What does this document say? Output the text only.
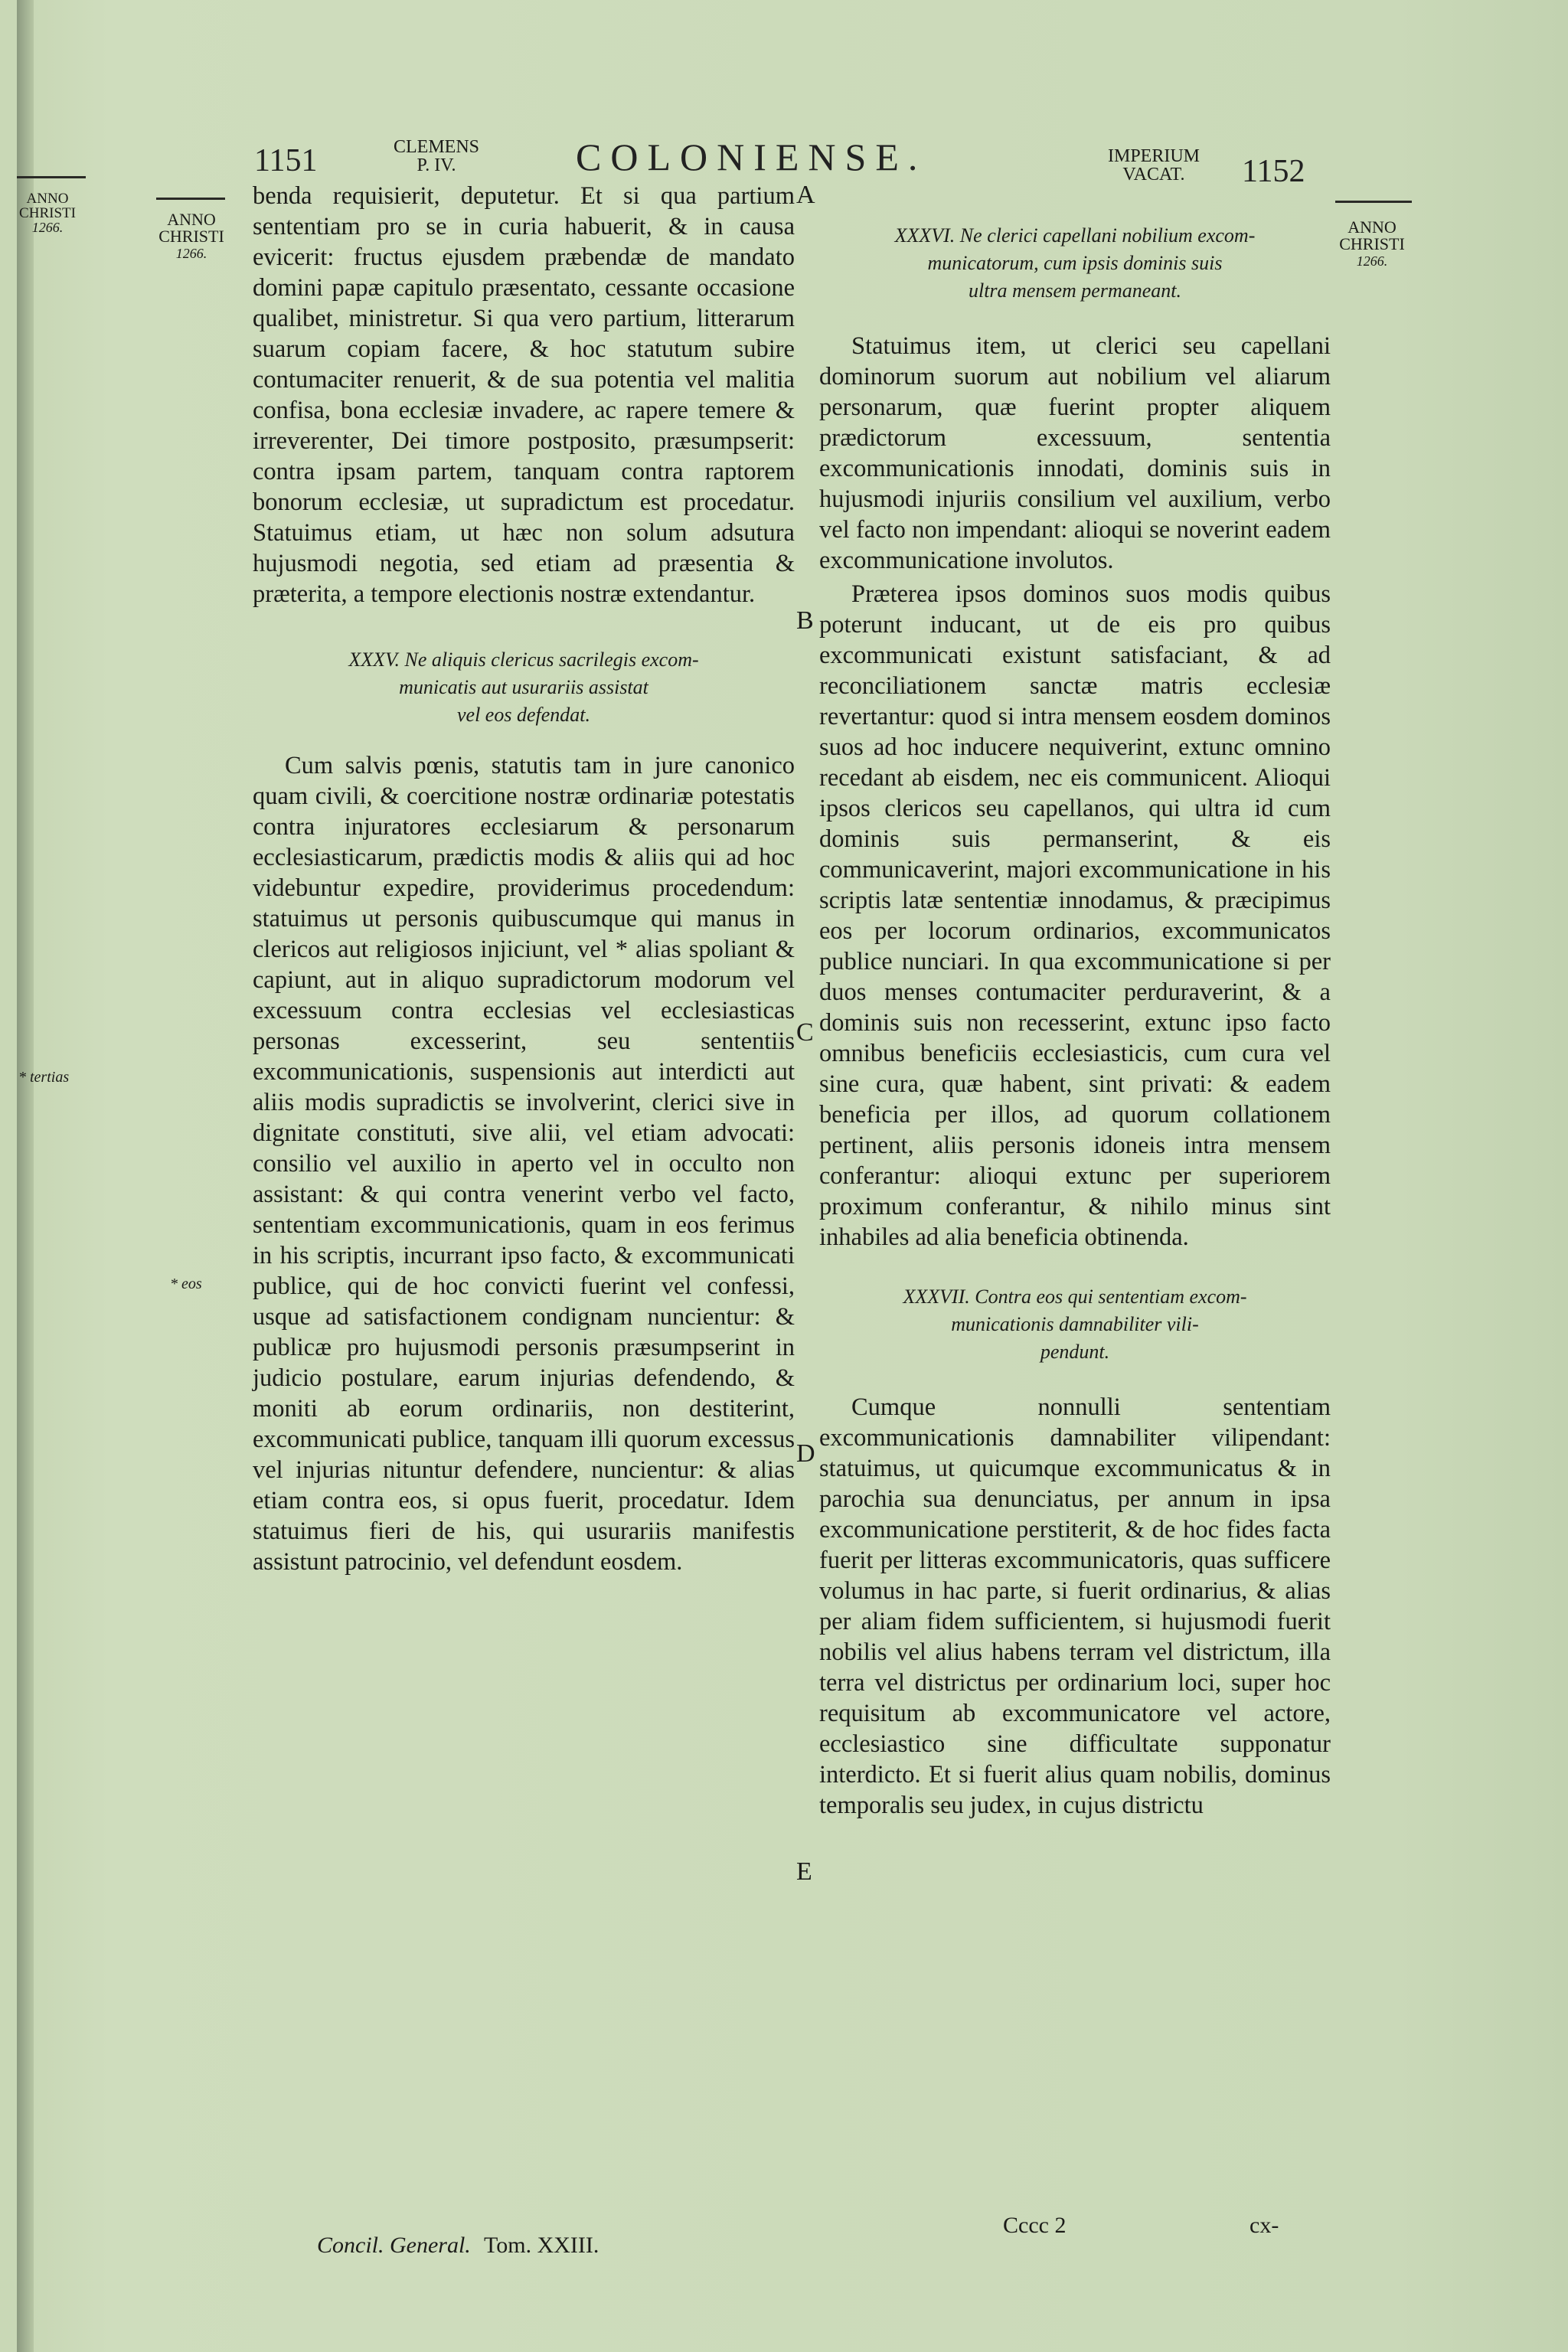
ANNO
CHRISTI
1266.
* tertias
1151	CLEMENS
P. IV.	COLONIENSE.	IMPERIUM
VACAT.	1152
ANNO
CHRISTI
1266.
ANNO
CHRISTI
1266.

benda requisierit, deputetur. Et si qua partium sententiam pro se in curia habuerit, & in causa evicerit: fructus ejusdem præbendæ de mandato domini papæ capitulo præsentato, cessante occasione qualibet, ministretur. Si qua vero partium, litterarum suarum copiam facere, & hoc statutum subire contumaciter renuerit, & de sua potentia vel malitia confisa, bona ecclesiæ invadere, ac rapere temere & irreverenter, Dei timore postposito, præsumpserit: contra ipsam partem, tanquam contra raptorem bonorum ecclesiæ, ut supradictum est procedatur. Statuimus etiam, ut hæc non solum adsutura hujusmodi negotia, sed etiam ad præsentia & præterita, a tempore electionis nostræ extendantur.

XXXV. Ne aliquis clericus sacrilegis excom-

municatis aut usurariis assistat

vel eos defendat.

Cum salvis pœnis, statutis tam in jure canonico quam civili, & coercitione nostræ ordinariæ potestatis contra injuratores ecclesiarum & personarum ecclesiasticarum, prædictis modis & aliis qui ad hoc videbuntur expedire, providerimus procedendum: statuimus ut personis quibuscumque qui manus in clericos aut religiosos injiciunt, vel * alias spoliant & capiunt, aut in aliquo supradictorum modorum vel excessuum contra ecclesias vel ecclesiasticas personas excesserint, seu sententiis excommunicationis, suspensionis aut interdicti aut aliis modis supradictis se involverint, clerici sive in dignitate constituti, sive alii, vel etiam advocati: consilio vel auxilio in aperto vel in occulto non assistant: & qui contra venerint verbo vel facto, sententiam excommunicationis, quam in eos ferimus in his scriptis, incurrant ipso facto, & excommunicati publice, qui de hoc convicti fuerint vel confessi, usque ad satisfactionem condignam nuncientur: & publicæ pro hujusmodi personis præsumpserint in judicio postulare, earum injurias defendendo, & moniti ab eorum ordinariis, non destiterint, excommunicati publice, tanquam illi quorum excessus vel injurias nituntur defendere, nuncientur: & alias etiam contra eos, si opus fuerit, procedatur. Idem statuimus fieri de his, qui usurariis manifestis assistunt patrocinio, vel defendunt eosdem.

A
B
C
D
E
* eos

XXXVI. Ne clerici capellani nobilium excom-

municatorum, cum ipsis dominis suis

ultra mensem permaneant.

Statuimus item, ut clerici seu capellani dominorum suorum aut nobilium vel aliarum personarum, quæ fuerint propter aliquem prædictorum excessuum, sententia excommunicationis innodati, dominis suis in hujusmodi injuriis consilium vel auxilium, verbo vel facto non impendant: alioqui se noverint eadem excommunicatione involutos.

Præterea ipsos dominos suos modis quibus poterunt inducant, ut de eis pro quibus excommunicati existunt satisfaciant, & ad reconciliationem sanctæ matris ecclesiæ revertantur: quod si intra mensem eosdem dominos suos ad hoc inducere nequiverint, extunc omnino recedant ab eisdem, nec eis communicent. Alioqui ipsos clericos seu capellanos, qui ultra id cum dominis suis permanserint, & eis communicaverint, majori excommunicatione in his scriptis latæ sententiæ innodamus, & præcipimus eos per locorum ordinarios, excommunicatos publice nunciari. In qua excommunicatione si per duos menses contumaciter perduraverint, & a dominis suis non recesserint, extunc ipso facto omnibus beneficiis ecclesiasticis, cum cura vel sine cura, quæ habent, sint privati: & eadem beneficia per illos, ad quorum collationem pertinent, aliis personis idoneis intra mensem conferantur: alioqui extunc per superiorem proximum conferantur, & nihilo minus sint inhabiles ad alia beneficia obtinenda.

XXXVII. Contra eos qui sententiam excom-

municationis damnabiliter vili-

pendunt.

Cumque nonnulli sententiam excommunicationis damnabiliter vilipendant: statuimus, ut quicumque excommunicatus & in parochia sua denunciatus, per annum in ipsa excommunicatione perstiterit, & de hoc fides facta fuerit per litteras excommunicatoris, quas sufficere volumus in hac parte, si fuerit ordinarius, & alias per aliam fidem sufficientem, si hujusmodi fuerit nobilis vel alius habens terram vel districtum, illa terra vel districtus per ordinarium loci, super hoc requisitum ab excommunicatore vel actore, ecclesiastico sine difficultate supponatur interdicto. Et si fuerit alius quam nobilis, dominus temporalis seu judex, in cujus districtu

Concil. General. Tom. XXIII.
Cccc 2	cx-
